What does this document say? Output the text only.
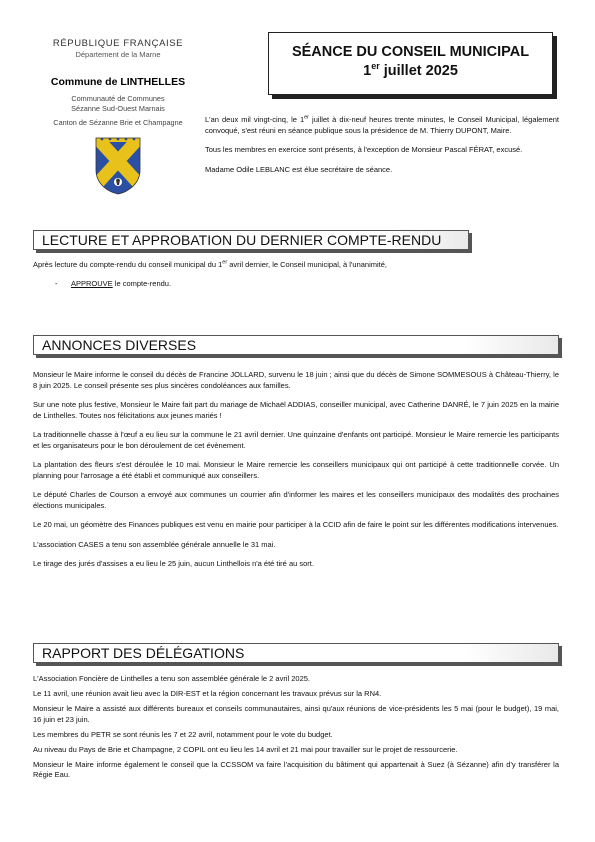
RÉPUBLIQUE FRANÇAISE
Département de la Marne
Commune de LINTHELLES
Communauté de Communes
Sézanne Sud-Ouest Marnais
Canton de Sézanne Brie et Champagne
SÉANCE DU CONSEIL MUNICIPAL
1er juillet 2025

L'an deux mil vingt-cinq, le 1er juillet à dix-neuf heures trente minutes, le Conseil Municipal, légalement convoqué, s'est réuni en séance publique sous la présidence de M. Thierry DUPONT, Maire.

Tous les membres en exercice sont présents, à l'exception de Monsieur Pascal FÉRAT, excusé.

Madame Odile LEBLANC est élue secrétaire de séance.

LECTURE ET APPROBATION DU DERNIER COMPTE-RENDU

Après lecture du compte-rendu du conseil municipal du 1er avril dernier, le Conseil municipal, à l'unanimité,

- APPROUVE le compte-rendu.
ANNONCES DIVERSES

Monsieur le Maire informe le conseil du décès de Francine JOLLARD, survenu le 18 juin ; ainsi que du décès de Simone SOMMESOUS à Château-Thierry, le 8 juin 2025. Le conseil présente ses plus sincères condoléances aux familles.

Sur une note plus festive, Monsieur le Maire fait part du mariage de Michaël ADDIAS, conseiller municipal, avec Catherine DANRÉ, le 7 juin 2025 en la mairie de Linthelles. Toutes nos félicitations aux jeunes mariés !

La traditionnelle chasse à l'œuf a eu lieu sur la commune le 21 avril dernier. Une quinzaine d'enfants ont participé. Monsieur le Maire remercie les participants et les organisateurs pour le bon déroulement de cet évènement.

La plantation des fleurs s'est déroulée le 10 mai. Monsieur le Maire remercie les conseillers municipaux qui ont participé à cette traditionnelle corvée. Un planning pour l'arrosage a été établi et communiqué aux conseillers.

Le député Charles de Courson a envoyé aux communes un courrier afin d'informer les maires et les conseillers municipaux des modalités des prochaines élections municipales.

Le 20 mai, un géomètre des Finances publiques est venu en mairie pour participer à la CCID afin de faire le point sur les différentes modifications intervenues.

L'association CASES a tenu son assemblée générale annuelle le 31 mai.

Le tirage des jurés d'assises a eu lieu le 25 juin, aucun Linthellois n'a été tiré au sort.

RAPPORT DES DÉLÉGATIONS

L'Association Foncière de Linthelles a tenu son assemblée générale le 2 avril 2025.

Le 11 avril, une réunion avait lieu avec la DIR-EST et la région concernant les travaux prévus sur la RN4.

Monsieur le Maire a assisté aux différents bureaux et conseils communautaires, ainsi qu'aux réunions de vice-présidents les 5 mai (pour le budget), 19 mai, 16 juin et 23 juin.

Les membres du PETR se sont réunis les 7 et 22 avril, notamment pour le vote du budget.

Au niveau du Pays de Brie et Champagne, 2 COPIL ont eu lieu les 14 avril et 21 mai pour travailler sur le projet de ressourcerie.

Monsieur le Maire informe également le conseil que la CCSSOM va faire l'acquisition du bâtiment qui appartenait à Suez (à Sézanne) afin d'y transférer la Régie Eau.
